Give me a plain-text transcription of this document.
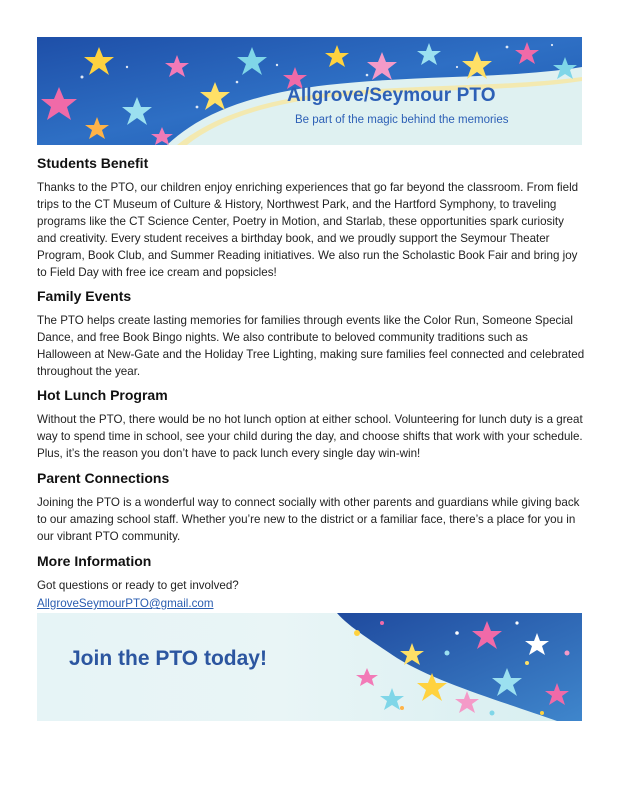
Allgrove/Seymour PTO
Be part of the magic behind the memories
Students Benefit

Thanks to the PTO, our children enjoy enriching experiences that go far beyond the classroom. From field trips to the CT Museum of Culture & History, Northwest Park, and the Hartford Symphony, to traveling programs like the CT Science Center, Poetry in Motion, and Starlab, these opportunities spark curiosity and creativity. Every student receives a birthday book, and we proudly support the Seymour Theater Program, Book Club, and Summer Reading initiatives. We also run the Scholastic Book Fair and bring joy to Field Day with free ice cream and popsicles!

Family Events

The PTO helps create lasting memories for families through events like the Color Run, Someone Special Dance, and free Book Bingo nights. We also contribute to beloved community traditions such as Halloween at New-Gate and the Holiday Tree Lighting, making sure families feel connected and celebrated throughout the year.

Hot Lunch Program

Without the PTO, there would be no hot lunch option at either school. Volunteering for lunch duty is a great way to spend time in school, see your child during the day, and choose shifts that work with your schedule. Plus, it’s the reason you don’t have to pack lunch every single day win-win!

Parent Connections

Joining the PTO is a wonderful way to connect socially with other parents and guardians while giving back to our amazing school staff. Whether you’re new to the district or a familiar face, there’s a place for you in our vibrant PTO community.

More Information

Got questions or ready to get involved?

AllgroveSeymourPTO@gmail.com
Join the PTO today!
